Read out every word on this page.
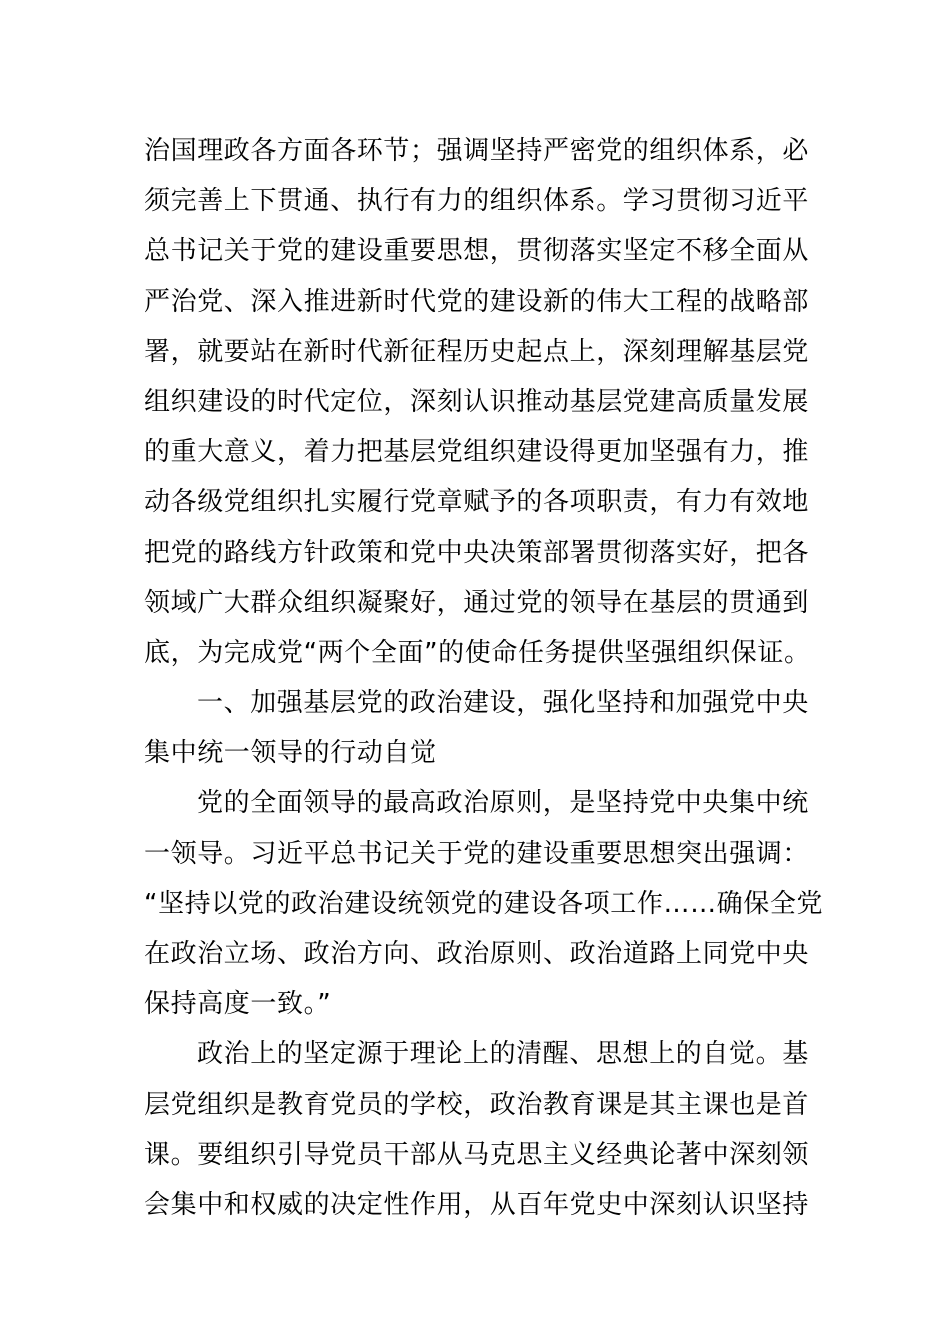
治国理政各方面各环节；强调坚持严密党的组织体系，必
须完善上下贯通、执行有力的组织体系。学习贯彻习近平
总书记关于党的建设重要思想，贯彻落实坚定不移全面从
严治党、深入推进新时代党的建设新的伟大工程的战略部
署，就要站在新时代新征程历史起点上，深刻理解基层党
组织建设的时代定位，深刻认识推动基层党建高质量发展
的重大意义，着力把基层党组织建设得更加坚强有力，推
动各级党组织扎实履行党章赋予的各项职责，有力有效地
把党的路线方针政策和党中央决策部署贯彻落实好，把各
领域广大群众组织凝聚好，通过党的领导在基层的贯通到
底，为完成党“两个全面”的使命任务提供坚强组织保证。
一、加强基层党的政治建设，强化坚持和加强党中央
集中统一领导的行动自觉
党的全面领导的最高政治原则，是坚持党中央集中统
一领导。习近平总书记关于党的建设重要思想突出强调：
“坚持以党的政治建设统领党的建设各项工作……确保全党
在政治立场、政治方向、政治原则、政治道路上同党中央
保持高度一致。”
政治上的坚定源于理论上的清醒、思想上的自觉。基
层党组织是教育党员的学校，政治教育课是其主课也是首
课。要组织引导党员干部从马克思主义经典论著中深刻领
会集中和权威的决定性作用，从百年党史中深刻认识坚持
